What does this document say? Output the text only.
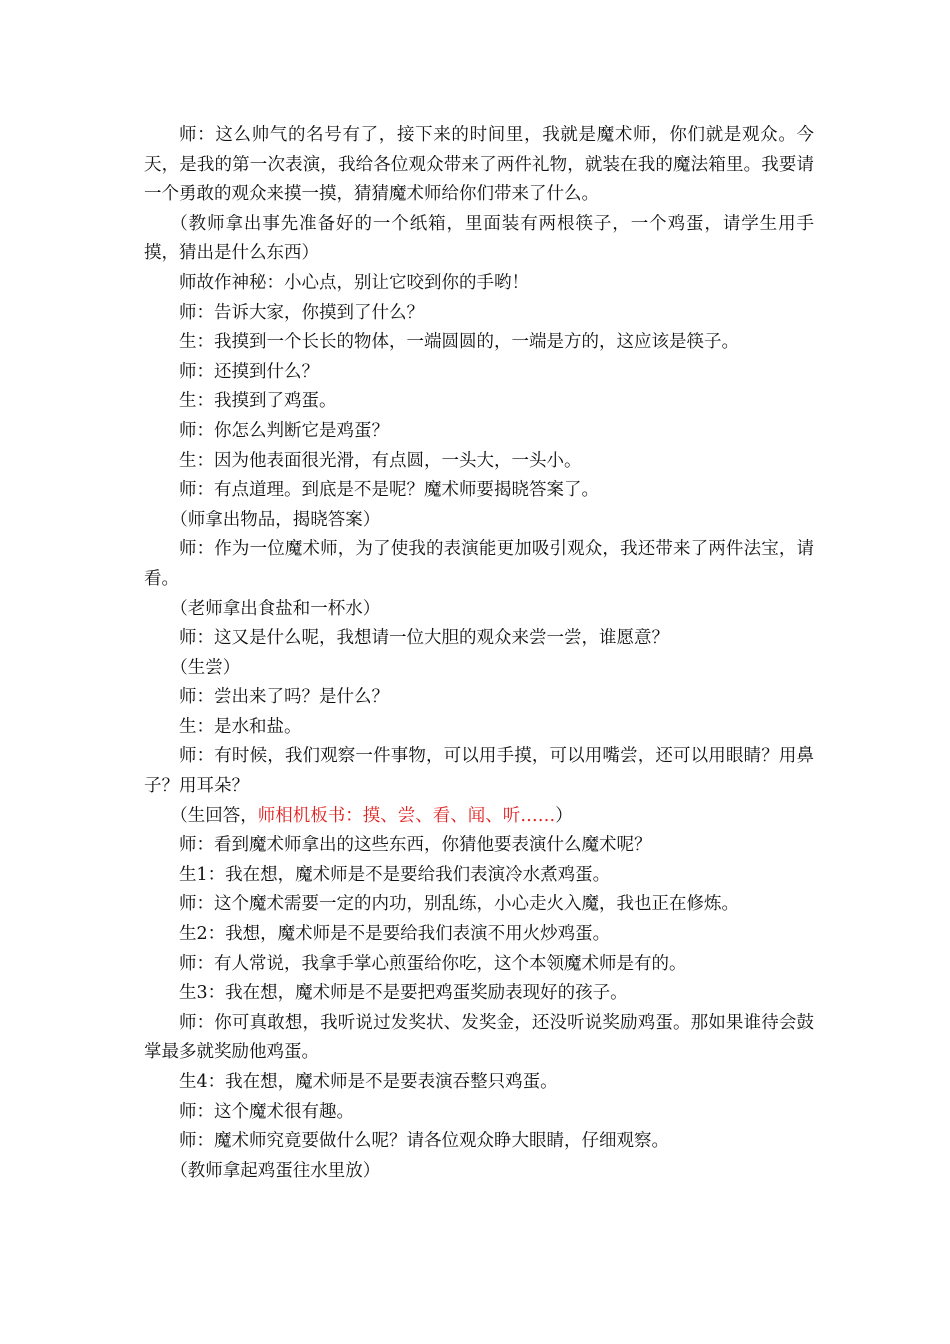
师：这么帅气的名号有了，接下来的时间里，我就是魔术师，你们就是观众。今天，是我的第一次表演，我给各位观众带来了两件礼物，就装在我的魔法箱里。我要请一个勇敢的观众来摸一摸，猜猜魔术师给你们带来了什么。

（教师拿出事先准备好的一个纸箱，里面装有两根筷子，一个鸡蛋，请学生用手摸，猜出是什么东西）

师故作神秘：小心点，别让它咬到你的手哟！

师：告诉大家，你摸到了什么？

生：我摸到一个长长的物体，一端圆圆的，一端是方的，这应该是筷子。

师：还摸到什么？

生：我摸到了鸡蛋。

师：你怎么判断它是鸡蛋？

生：因为他表面很光滑，有点圆，一头大，一头小。

师：有点道理。到底是不是呢？魔术师要揭晓答案了。

（师拿出物品，揭晓答案）

师：作为一位魔术师，为了使我的表演能更加吸引观众，我还带来了两件法宝，请看。

（老师拿出食盐和一杯水）

师：这又是什么呢，我想请一位大胆的观众来尝一尝，谁愿意？

（生尝）

师：尝出来了吗？是什么？

生：是水和盐。

师：有时候，我们观察一件事物，可以用手摸，可以用嘴尝，还可以用眼睛？用鼻子？用耳朵？

（生回答，师相机板书：摸、尝、看、闻、听……）

师：看到魔术师拿出的这些东西，你猜他要表演什么魔术呢？

生1：我在想，魔术师是不是要给我们表演冷水煮鸡蛋。

师：这个魔术需要一定的内功，别乱练，小心走火入魔，我也正在修炼。

生2：我想，魔术师是不是要给我们表演不用火炒鸡蛋。

师：有人常说，我拿手掌心煎蛋给你吃，这个本领魔术师是有的。

生3：我在想，魔术师是不是要把鸡蛋奖励表现好的孩子。

师：你可真敢想，我听说过发奖状、发奖金，还没听说奖励鸡蛋。那如果谁待会鼓掌最多就奖励他鸡蛋。

生4：我在想，魔术师是不是要表演吞整只鸡蛋。

师：这个魔术很有趣。

师：魔术师究竟要做什么呢？请各位观众睁大眼睛，仔细观察。

（教师拿起鸡蛋往水里放）
